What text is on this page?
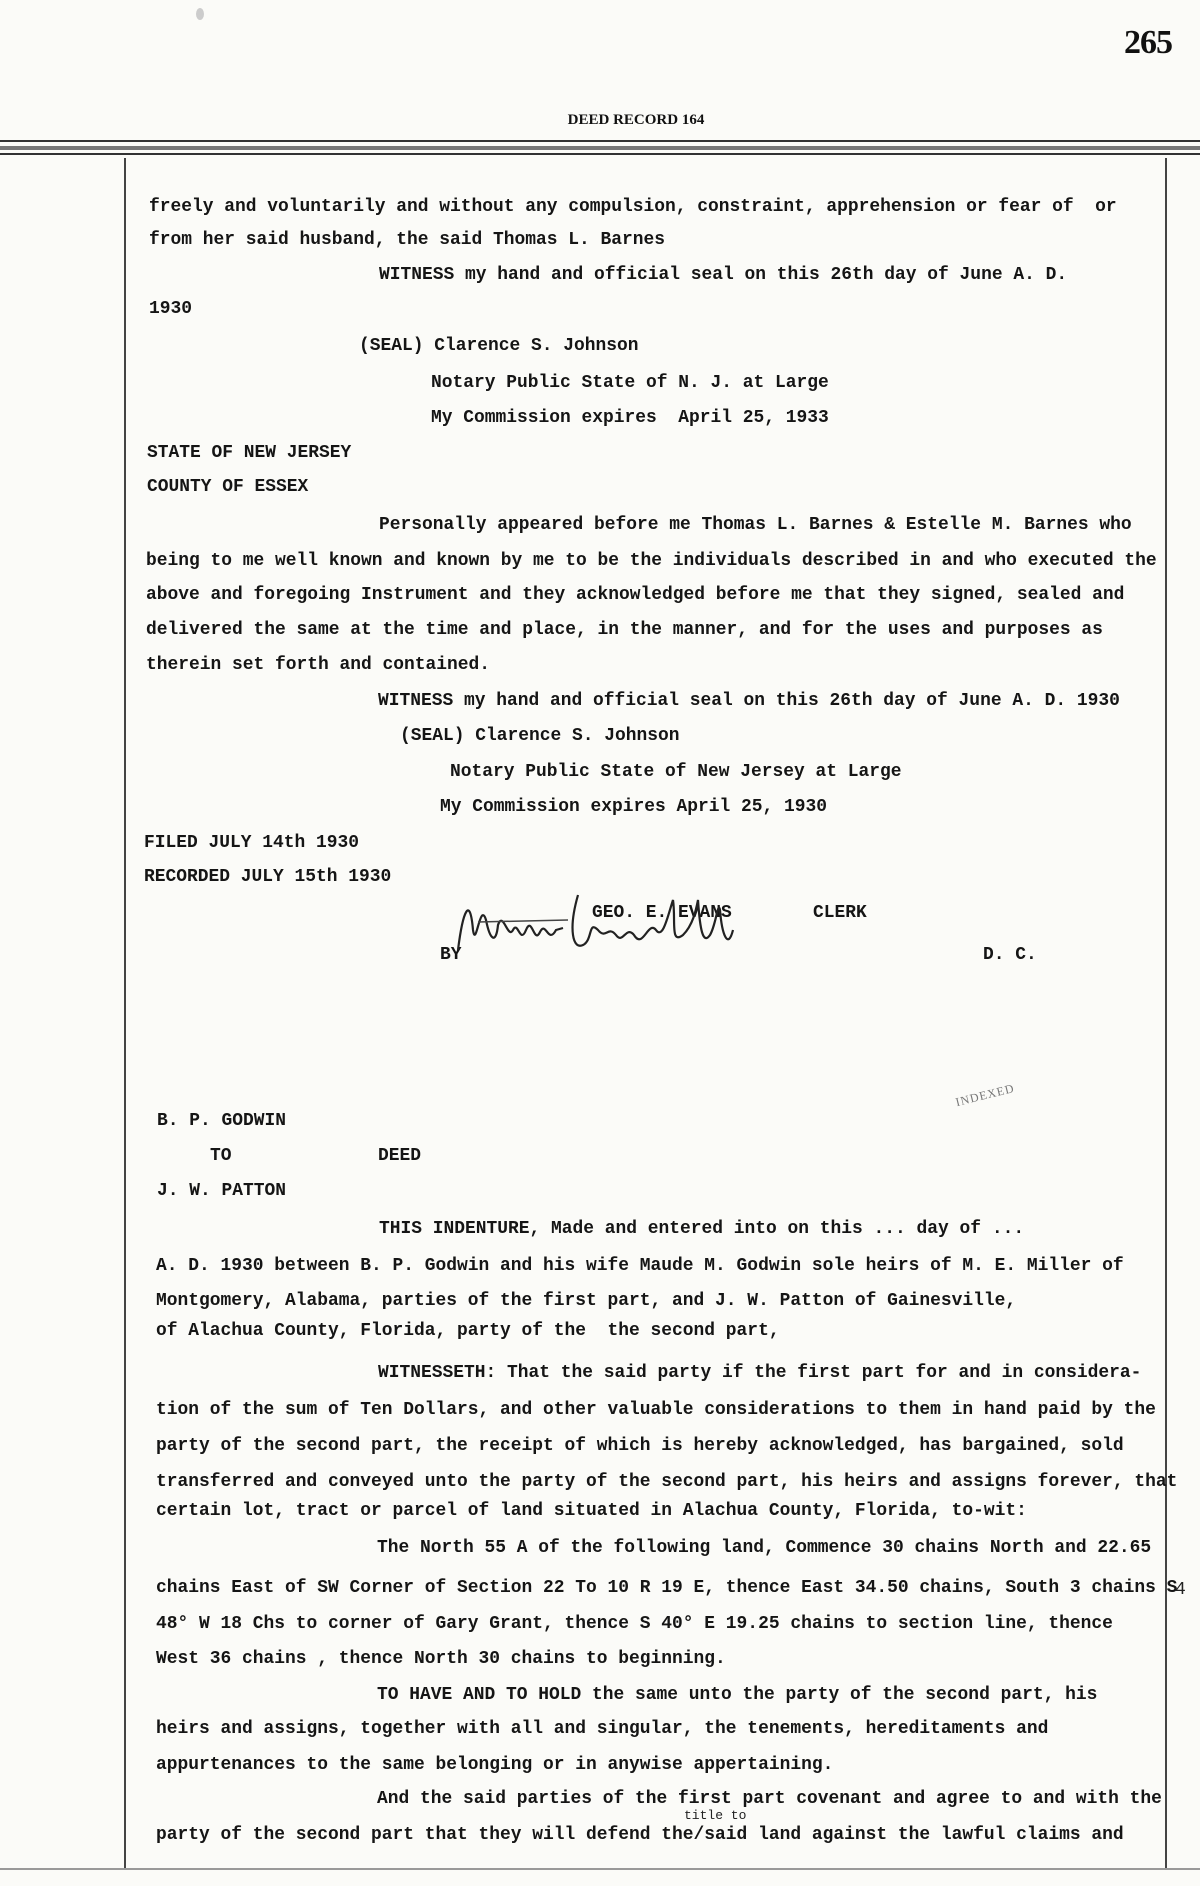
265
DEED RECORD 164
freely and voluntarily and without any compulsion, constraint, apprehension or fear of  or
from her said husband, the said Thomas L. Barnes
WITNESS my hand and official seal on this 26th day of June A. D.
1930
(SEAL) Clarence S. Johnson
Notary Public State of N. J. at Large
My Commission expires  April 25, 1933
STATE OF NEW JERSEY
COUNTY OF ESSEX
Personally appeared before me Thomas L. Barnes & Estelle M. Barnes who
being to me well known and known by me to be the individuals described in and who executed the
above and foregoing Instrument and they acknowledged before me that they signed, sealed and
delivered the same at the time and place, in the manner, and for the uses and purposes as
therein set forth and contained.
WITNESS my hand and official seal on this 26th day of June A. D. 1930
(SEAL) Clarence S. Johnson
Notary Public State of New Jersey at Large
My Commission expires April 25, 1930
FILED JULY 14th 1930
RECORDED JULY 15th 1930
GEO. E. EVANS	CLERK
BY	D. C.
INDEXED
B. P. GODWIN
TO	DEED
J. W. PATTON
THIS INDENTURE, Made and entered into on this ... day of ...
A. D. 1930 between B. P. Godwin and his wife Maude M. Godwin sole heirs of M. E. Miller of
Montgomery, Alabama, parties of the first part, and J. W. Patton of Gainesville,
of Alachua County, Florida, party of the  the second part,
WITNESSETH: That the said party if the first part for and in considera-
tion of the sum of Ten Dollars, and other valuable considerations to them in hand paid by the
party of the second part, the receipt of which is hereby acknowledged, has bargained, sold
transferred and conveyed unto the party of the second part, his heirs and assigns forever, that
certain lot, tract or parcel of land situated in Alachua County, Florida, to-wit:
The North 55 A of the following land, Commence 30 chains North and 22.65
chains East of SW Corner of Section 22 To 10 R 19 E, thence East 34.50 chains, South 3 chains S
4
48° W 18 Chs to corner of Gary Grant, thence S 40° E 19.25 chains to section line, thence
West 36 chains , thence North 30 chains to beginning.
TO HAVE AND TO HOLD the same unto the party of the second part, his
heirs and assigns, together with all and singular, the tenements, hereditaments and
appurtenances to the same belonging or in anywise appertaining.
And the said parties of the first part covenant and agree to and with the
title to
party of the second part that they will defend the/said land against the lawful claims and
